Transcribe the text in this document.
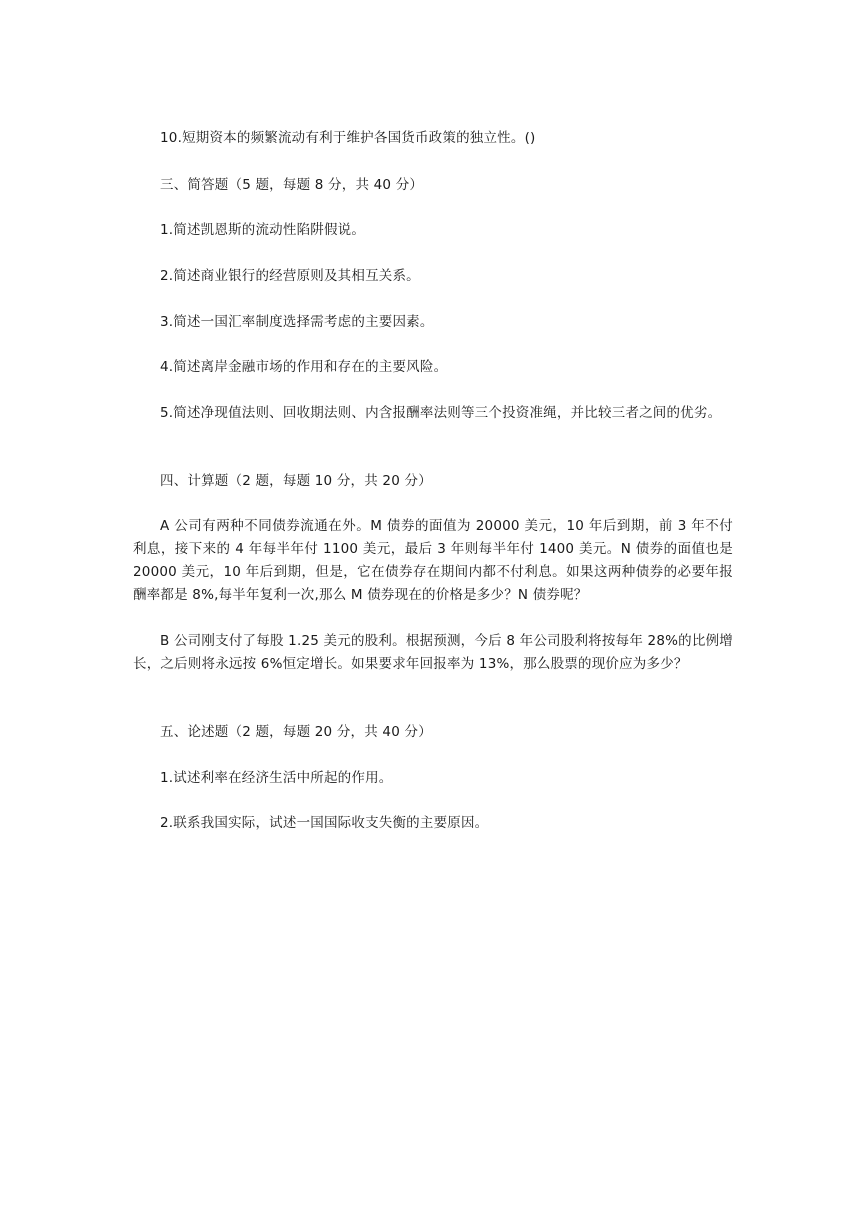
10.短期资本的频繁流动有利于维护各国货币政策的独立性。()

三、简答题（5 题，每题 8 分，共 40 分）

1.简述凯恩斯的流动性陷阱假说。

2.简述商业银行的经营原则及其相互关系。

3.简述一国汇率制度选择需考虑的主要因素。

4.简述离岸金融市场的作用和存在的主要风险。

5.简述净现值法则、回收期法则、内含报酬率法则等三个投资准绳，并比较三者之间的优劣。

四、计算题（2 题，每题 10 分，共 20 分）

A 公司有两种不同债券流通在外。M 债券的面值为 20000 美元，10 年后到期，前 3 年不付利息，接下来的 4 年每半年付 1100 美元，最后 3 年则每半年付 1400 美元。N 债券的面值也是 20000 美元，10 年后到期，但是，它在债券存在期间内都不付利息。如果这两种债券的必要年报酬率都是 8%,每半年复利一次,那么 M 债券现在的价格是多少？N 债券呢？

B 公司刚支付了每股 1.25 美元的股利。根据预测，今后 8 年公司股利将按每年 28%的比例增长，之后则将永远按 6%恒定增长。如果要求年回报率为 13%，那么股票的现价应为多少？

五、论述题（2 题，每题 20 分，共 40 分）

1.试述利率在经济生活中所起的作用。

2.联系我国实际，试述一国国际收支失衡的主要原因。
